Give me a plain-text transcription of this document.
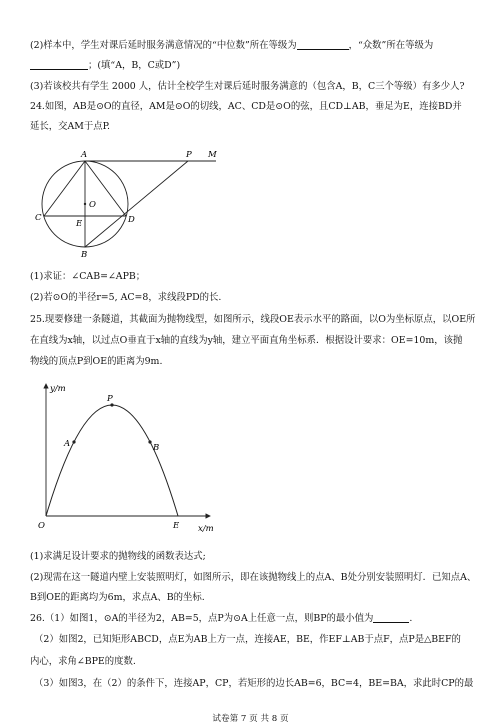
(2)样本中，学生对课后延时服务满意情况的“中位数”所在等级为	，“众数”所在等级为
；(填“A，B，C或D”)
(3)若该校共有学生 2000 人，估计全校学生对课后延时服务满意的（包含A，B，C三个等级）有多少人?
24.如图，AB是⊙O的直径，AM是⊙O的切线，AC、CD是⊙O的弦，且CD⊥AB，垂足为E，连接BD并
延长，交AM于点P.
A	P M
O
C
E	D
B
(1)求证：∠CAB=∠APB；
(2)若⊙O的半径r=5, AC=8，求线段PD的长.
25.现要修建一条隧道，其截面为抛物线型，如图所示，线段OE表示水平的路面，以O为坐标原点，以OE所
在直线为x轴，以过点O垂直于x轴的直线为y轴，建立平面直角坐标系．根据设计要求：OE=10m，该抛
物线的顶点P到OE的距离为9m.
y/m
x/m
O	E
P
A	B
(1)求满足设计要求的抛物线的函数表达式;
(2)现需在这一隧道内壁上安装照明灯，如图所示，即在该抛物线上的点A、B处分别安装照明灯．已知点A、
B到OE的距离均为6m，求点A、B的坐标.
26.（1）如图1，⊙A的半径为2，AB=5，点P为⊙A上任意一点，则BP的最小值为	.
（2）如图2，已知矩形ABCD，点E为AB上方一点，连接AE，BE，作EF⊥AB于点F，点P是△BEF的
内心，求角∠BPE的度数.
（3）如图3，在（2）的条件下，连接AP，CP，若矩形的边长AB=6，BC=4，BE=BA，求此时CP的最
试卷第 7 页 共 8 页
